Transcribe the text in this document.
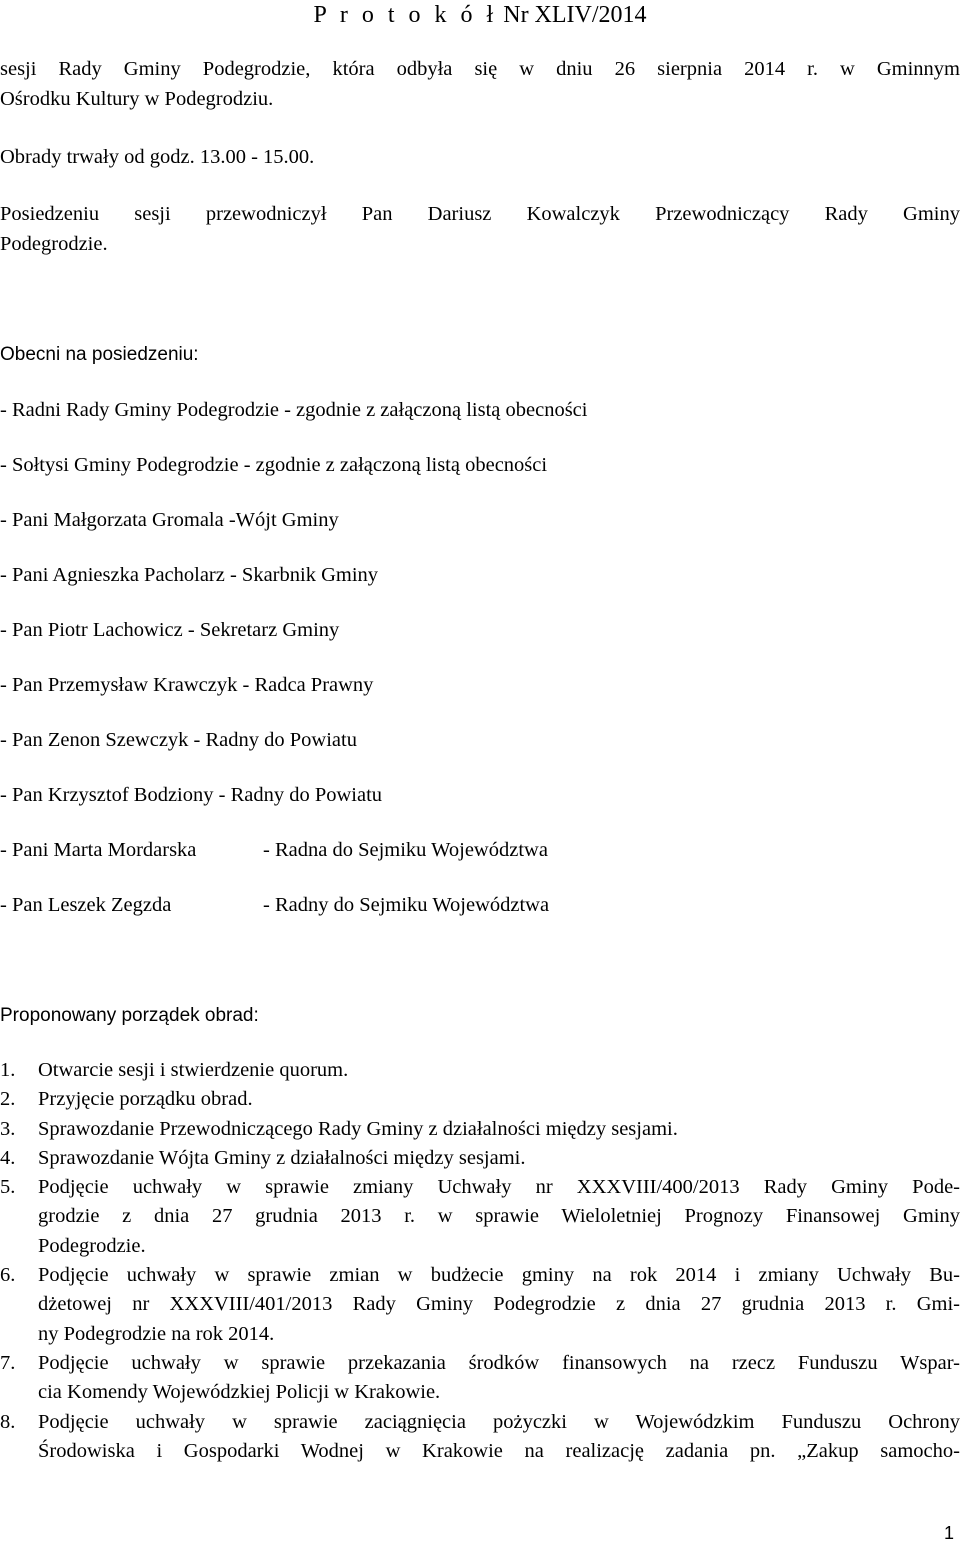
P r o t o k ó ł Nr XLIV/2014
sesji Rady Gminy Podegrodzie, która odbyła się w dniu 26 sierpnia 2014 r. w Gminnym
Ośrodku Kultury w Podegrodziu.
Obrady trwały od godz. 13.00 - 15.00.
Posiedzeniu sesji przewodniczył Pan Dariusz Kowalczyk Przewodniczący Rady Gminy
Podegrodzie.
Obecni na posiedzeniu:
- Radni Rady Gminy Podegrodzie - zgodnie z załączoną listą obecności
- Sołtysi Gminy Podegrodzie - zgodnie z załączoną listą obecności
- Pani Małgorzata Gromala -Wójt Gminy
- Pani Agnieszka Pacholarz - Skarbnik Gminy
- Pan Piotr Lachowicz - Sekretarz Gminy
- Pan Przemysław Krawczyk - Radca Prawny
- Pan Zenon Szewczyk - Radny do Powiatu
- Pan Krzysztof Bodziony - Radny do Powiatu
- Pani Marta Mordarska	- Radna do Sejmiku Województwa
- Pan Leszek Zegzda	- Radny do Sejmiku Województwa
Proponowany porządek obrad:
1. Otwarcie sesji i stwierdzenie quorum.
2. Przyjęcie porządku obrad.
3. Sprawozdanie Przewodniczącego Rady Gminy z działalności między sesjami.
4. Sprawozdanie Wójta Gminy z działalności między sesjami.
5. Podjęcie uchwały w sprawie zmiany Uchwały nr XXXVIII/400/2013 Rady Gminy Pode-
grodzie z dnia 27 grudnia 2013 r. w sprawie Wieloletniej Prognozy Finansowej Gminy
Podegrodzie.
6. Podjęcie uchwały w sprawie zmian w budżecie gminy na rok 2014 i zmiany Uchwały Bu-
dżetowej nr XXXVIII/401/2013 Rady Gminy Podegrodzie z dnia 27 grudnia 2013 r. Gmi-
ny Podegrodzie na rok 2014.
7. Podjęcie uchwały w sprawie przekazania środków finansowych na rzecz Funduszu Wspar-
cia Komendy Wojewódzkiej Policji w Krakowie.
8. Podjęcie uchwały w sprawie zaciągnięcia pożyczki w Wojewódzkim Funduszu Ochrony
Środowiska i Gospodarki Wodnej w Krakowie na realizację zadania pn. „Zakup samocho-
1
